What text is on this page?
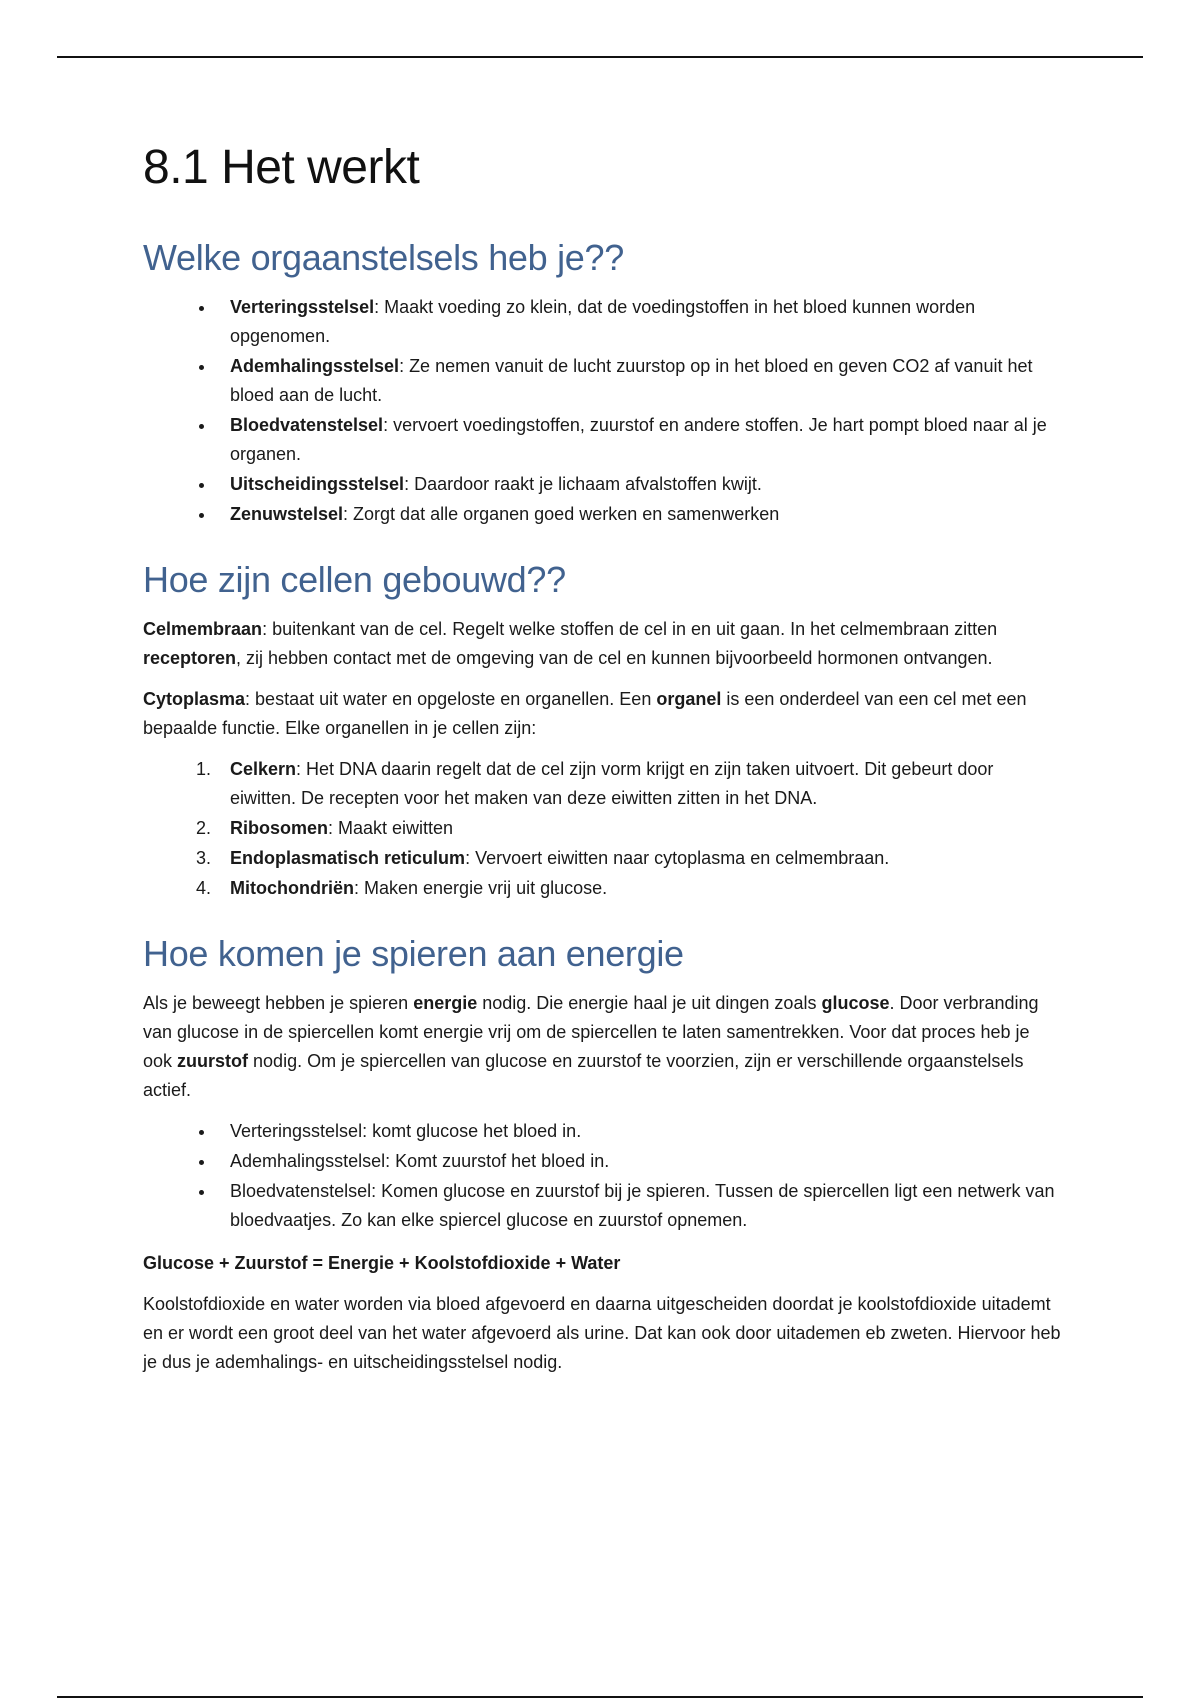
8.1 Het werkt
Welke orgaanstelsels heb je??
• Verteringsstelsel: Maakt voeding zo klein, dat de voedingstoffen in het bloed kunnen worden opgenomen.
• Ademhalingsstelsel: Ze nemen vanuit de lucht zuurstop op in het bloed en geven CO2 af vanuit het bloed aan de lucht.
• Bloedvatenstelsel: vervoert voedingstoffen, zuurstof en andere stoffen. Je hart pompt bloed naar al je organen.
• Uitscheidingsstelsel: Daardoor raakt je lichaam afvalstoffen kwijt.
• Zenuwstelsel: Zorgt dat alle organen goed werken en samenwerken
Hoe zijn cellen gebouwd??

Celmembraan: buitenkant van de cel. Regelt welke stoffen de cel in en uit gaan. In het celmembraan zitten receptoren, zij hebben contact met de omgeving van de cel en kunnen bijvoorbeeld hormonen ontvangen.

Cytoplasma: bestaat uit water en opgeloste en organellen. Een organel is een onderdeel van een cel met een bepaalde functie. Elke organellen in je cellen zijn:

1. Celkern: Het DNA daarin regelt dat de cel zijn vorm krijgt en zijn taken uitvoert. Dit gebeurt door eiwitten. De recepten voor het maken van deze eiwitten zitten in het DNA.
2. Ribosomen: Maakt eiwitten
3. Endoplasmatisch reticulum: Vervoert eiwitten naar cytoplasma en celmembraan.
4. Mitochondriën: Maken energie vrij uit glucose.
Hoe komen je spieren aan energie

Als je beweegt hebben je spieren energie nodig. Die energie haal je uit dingen zoals glucose. Door verbranding van glucose in de spiercellen komt energie vrij om de spiercellen te laten samentrekken. Voor dat proces heb je ook zuurstof nodig. Om je spiercellen van glucose en zuurstof te voorzien, zijn er verschillende orgaanstelsels actief.

• Verteringsstelsel: komt glucose het bloed in.
• Ademhalingsstelsel: Komt zuurstof het bloed in.
• Bloedvatenstelsel: Komen glucose en zuurstof bij je spieren. Tussen de spiercellen ligt een netwerk van bloedvaatjes. Zo kan elke spiercel glucose en zuurstof opnemen.

Glucose + Zuurstof = Energie + Koolstofdioxide + Water

Koolstofdioxide en water worden via bloed afgevoerd en daarna uitgescheiden doordat je koolstofdioxide uitademt en er wordt een groot deel van het water afgevoerd als urine. Dat kan ook door uitademen eb zweten. Hiervoor heb je dus je ademhalings- en uitscheidingsstelsel nodig.
